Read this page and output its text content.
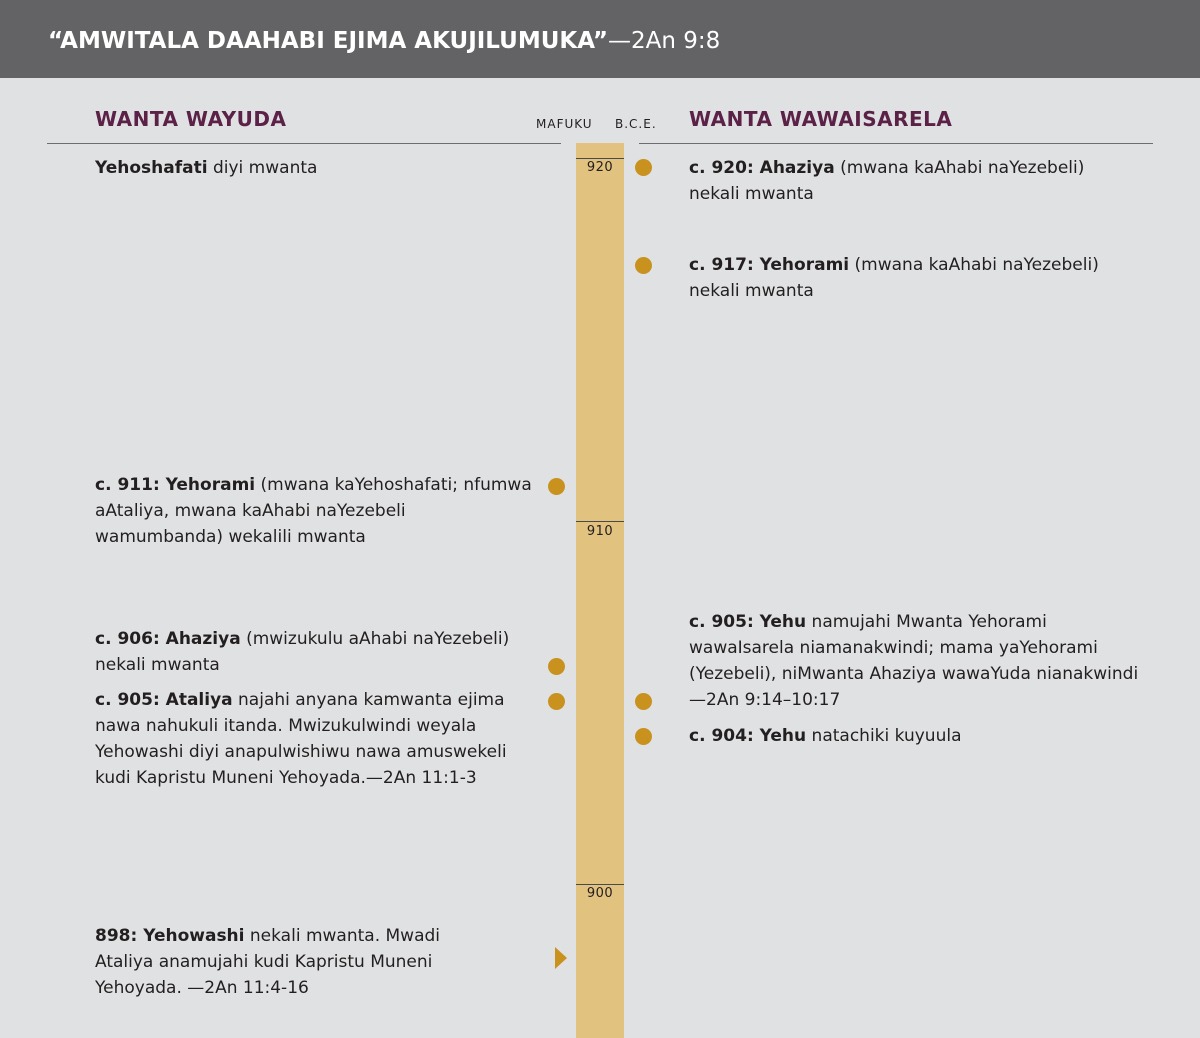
“AMWITALA DAAHABI EJIMA AKUJILUMUKA”—2An 9:8
WANTA WAYUDA	MAFUKU B.C.E. WANTA WAWAISARELA
920
910
900
Yehoshafati diyi mwanta
c. 911: Yehorami (mwana kaYehoshafati; nfumwa aAtaliya, mwana kaAhabi naYezebeli wamumbanda) wekalili mwanta
c. 906: Ahaziya (mwizukulu aAhabi naYezebeli) nekali mwanta
c. 905: Ataliya najahi anyana kamwanta ejima nawa nahukuli itanda. Mwizukulwindi weyala Yehowashi diyi anapulwishiwu nawa amuswekeli kudi Kapristu Muneni Yehoyada.—2An 11:1-3
898: Yehowashi nekali mwanta. Mwadi Ataliya anamujahi kudi Kapristu Muneni Yehoyada. —2An 11:4-16
c. 920: Ahaziya (mwana kaAhabi naYezebeli) nekali mwanta
c. 917: Yehorami (mwana kaAhabi naYezebeli) nekali mwanta
c. 905: Yehu namujahi Mwanta Yehorami wawaIsarela niamanakwindi; mama yaYehorami (Yezebeli), niMwanta Ahaziya wawaYuda nianakwindi —2An 9:14–10:17
c. 904: Yehu natachiki kuyuula
